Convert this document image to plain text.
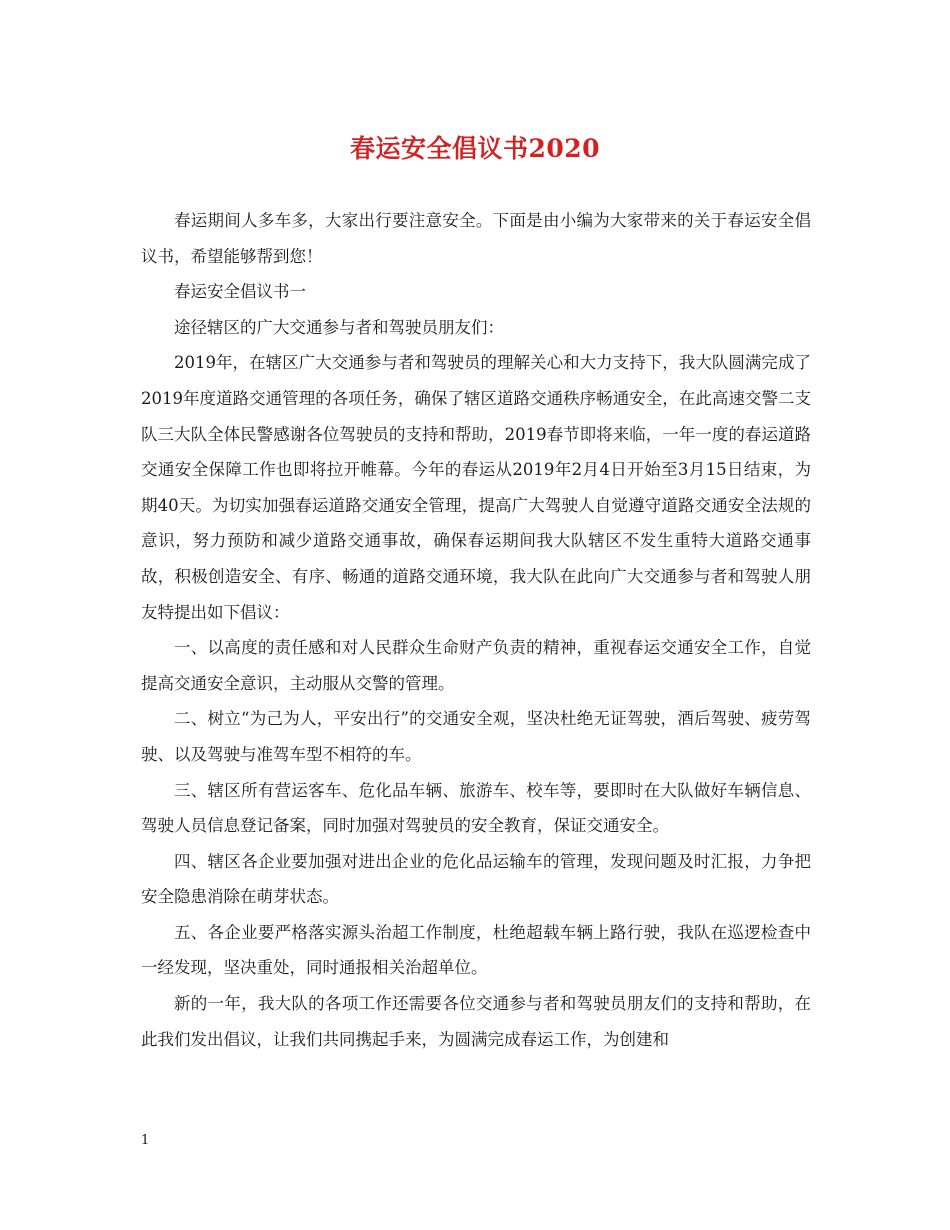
春运安全倡议书2020

春运期间人多车多，大家出行要注意安全。下面是由小编为大家带来的关于春运安全倡议书，希望能够帮到您！

春运安全倡议书一

途径辖区的广大交通参与者和驾驶员朋友们：

2019年，在辖区广大交通参与者和驾驶员的理解关心和大力支持下，我大队圆满完成了2019年度道路交通管理的各项任务，确保了辖区道路交通秩序畅通安全，在此高速交警二支队三大队全体民警感谢各位驾驶员的支持和帮助，2019春节即将来临，一年一度的春运道路交通安全保障工作也即将拉开帷幕。今年的春运从2019年2月4日开始至3月15日结束，为期40天。为切实加强春运道路交通安全管理，提高广大驾驶人自觉遵守道路交通安全法规的意识，努力预防和减少道路交通事故，确保春运期间我大队辖区不发生重特大道路交通事故，积极创造安全、有序、畅通的道路交通环境，我大队在此向广大交通参与者和驾驶人朋友特提出如下倡议：

一、以高度的责任感和对人民群众生命财产负责的精神，重视春运交通安全工作，自觉提高交通安全意识，主动服从交警的管理。

二、树立“为己为人，平安出行”的交通安全观，坚决杜绝无证驾驶，酒后驾驶、疲劳驾驶、以及驾驶与准驾车型不相符的车。

三、辖区所有营运客车、危化品车辆、旅游车、校车等，要即时在大队做好车辆信息、驾驶人员信息登记备案，同时加强对驾驶员的安全教育，保证交通安全。

四、辖区各企业要加强对进出企业的危化品运输车的管理，发现问题及时汇报，力争把安全隐患消除在萌芽状态。

五、各企业要严格落实源头治超工作制度，杜绝超载车辆上路行驶，我队在巡逻检查中一经发现，坚决重处，同时通报相关治超单位。

新的一年，我大队的各项工作还需要各位交通参与者和驾驶员朋友们的支持和帮助，在此我们发出倡议，让我们共同携起手来，为圆满完成春运工作，为创建和

1
